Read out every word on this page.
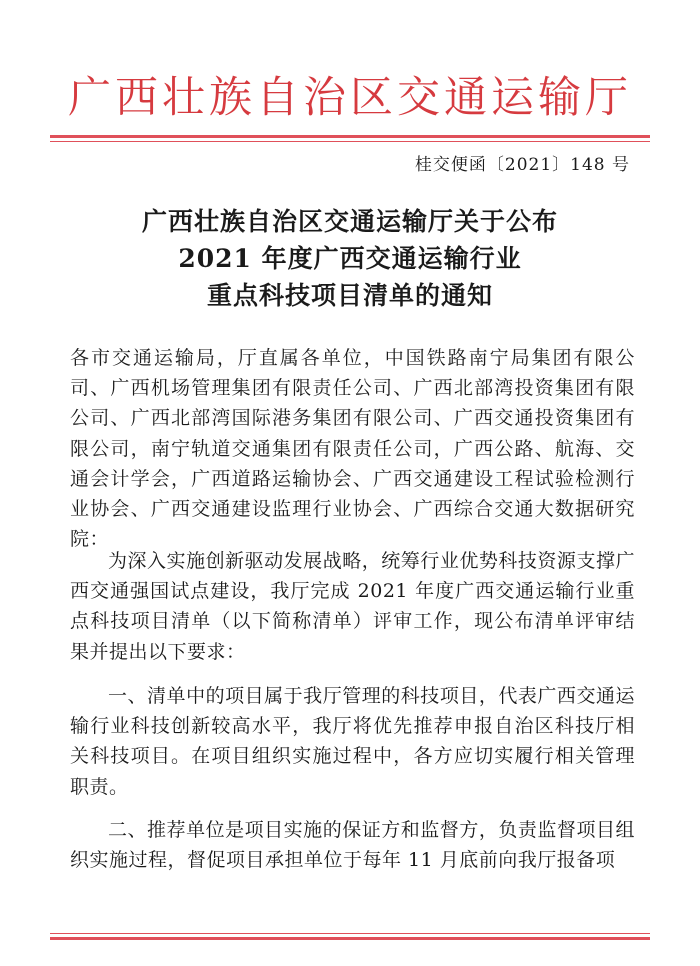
广西壮族自治区交通运输厅
桂交便函〔2021〕148 号
广西壮族自治区交通运输厅关于公布
2021 年度广西交通运输行业
重点科技项目清单的通知
各市交通运输局，厅直属各单位，中国铁路南宁局集团有限公司、广西机场管理集团有限责任公司、广西北部湾投资集团有限公司、广西北部湾国际港务集团有限公司、广西交通投资集团有限公司，南宁轨道交通集团有限责任公司，广西公路、航海、交通会计学会，广西道路运输协会、广西交通建设工程试验检测行业协会、广西交通建设监理行业协会、广西综合交通大数据研究院：
为深入实施创新驱动发展战略，统筹行业优势科技资源支撑广西交通强国试点建设，我厅完成 2021 年度广西交通运输行业重点科技项目清单（以下简称清单）评审工作，现公布清单评审结果并提出以下要求：
一、清单中的项目属于我厅管理的科技项目，代表广西交通运输行业科技创新较高水平，我厅将优先推荐申报自治区科技厅相关科技项目。在项目组织实施过程中，各方应切实履行相关管理职责。
二、推荐单位是项目实施的保证方和监督方，负责监督项目组织实施过程，督促项目承担单位于每年 11 月底前向我厅报备项
